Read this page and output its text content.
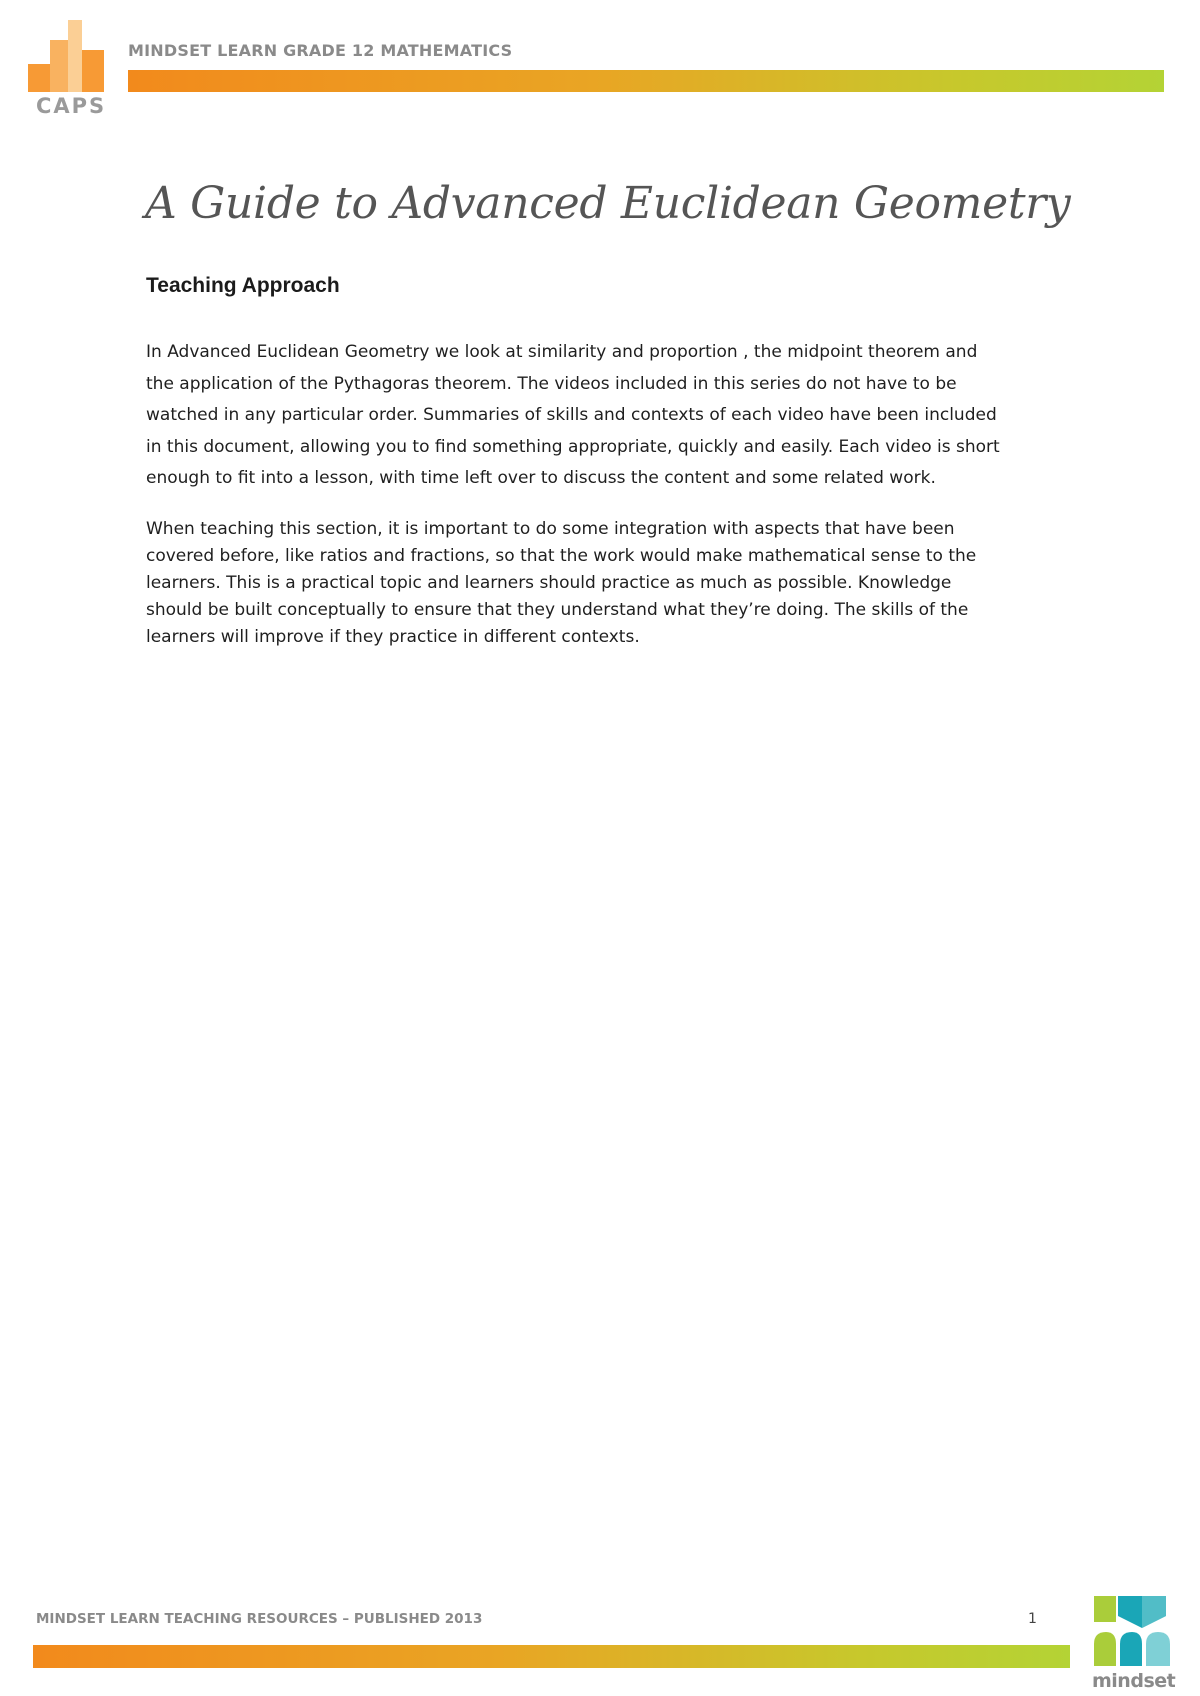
CAPS
MINDSET LEARN GRADE 12 MATHEMATICS
A Guide to Advanced Euclidean Geometry
Teaching Approach
In Advanced Euclidean Geometry we look at similarity and proportion , the midpoint theorem and
the application of the Pythagoras theorem. The videos included in this series do not have to be
watched in any particular order. Summaries of skills and contexts of each video have been included
in this document, allowing you to find something appropriate, quickly and easily. Each video is short
enough to fit into a lesson, with time left over to discuss the content and some related work.
When teaching this section, it is important to do some integration with aspects that have been
covered before, like ratios and fractions, so that the work would make mathematical sense to the
learners. This is a practical topic and learners should practice as much as possible. Knowledge
should be built conceptually to ensure that they understand what they’re doing. The skills of the
learners will improve if they practice in different contexts.
MINDSET LEARN TEACHING RESOURCES – PUBLISHED 2013	1
mindset
